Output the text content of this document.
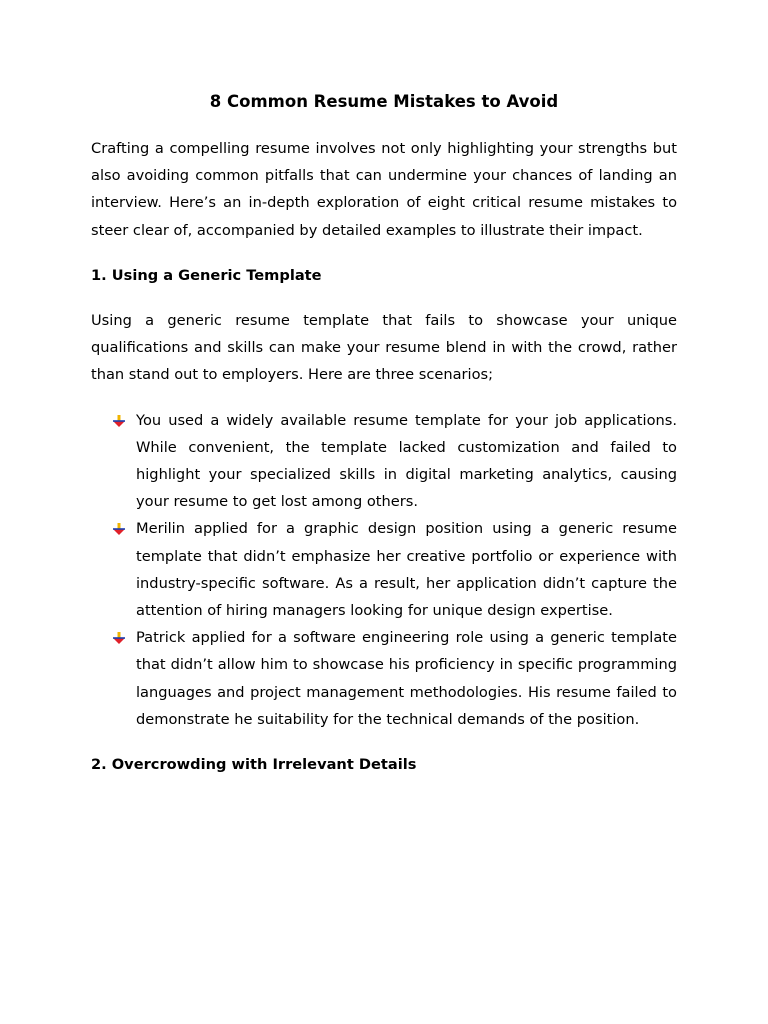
8 Common Resume Mistakes to Avoid

Crafting a compelling resume involves not only highlighting your strengths but also avoiding common pitfalls that can undermine your chances of landing an interview. Here’s an in-depth exploration of eight critical resume mistakes to steer clear of, accompanied by detailed examples to illustrate their impact.

1. Using a Generic Template

Using a generic resume template that fails to showcase your unique qualifications and skills can make your resume blend in with the crowd, rather than stand out to employers. Here are three scenarios;

You used a widely available resume template for your job applications. While convenient, the template lacked customization and failed to highlight your specialized skills in digital marketing analytics, causing your resume to get lost among others.
Merilin applied for a graphic design position using a generic resume template that didn’t emphasize her creative portfolio or experience with industry-specific software. As a result, her application didn’t capture the attention of hiring managers looking for unique design expertise.
Patrick applied for a software engineering role using a generic template that didn’t allow him to showcase his proficiency in specific programming languages and project management methodologies. His resume failed to demonstrate he suitability for the technical demands of the position.
2. Overcrowding with Irrelevant Details
